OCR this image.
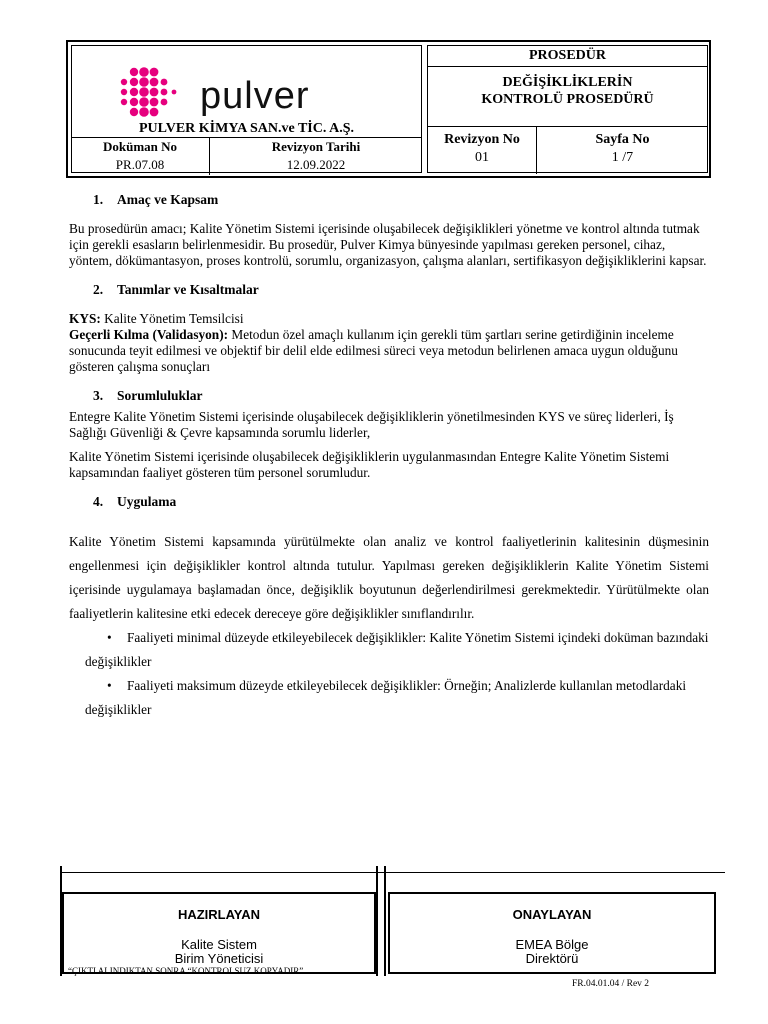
pulver
PULVER KİMYA SAN.ve TİC. A.Ş.
Doküman No
PR.07.08
Revizyon Tarihi
12.09.2022
PROSEDÜR
DEĞİŞİKLİKLERİN KONTROLÜ PROSEDÜRÜ
Revizyon No
01
Sayfa No
1 /7
1. Amaç ve Kapsam

Bu prosedürün amacı; Kalite Yönetim Sistemi içerisinde oluşabilecek değişiklikleri yönetme ve kontrol altında tutmak için gerekli esasların belirlenmesidir. Bu prosedür, Pulver Kimya bünyesinde yapılması gereken personel, cihaz, yöntem, dökümantasyon, proses kontrolü, sorumlu, organizasyon, çalışma alanları, sertifikasyon değişikliklerini kapsar.

2. Tanımlar ve Kısaltmalar

KYS: Kalite Yönetim Temsilcisi

Geçerli Kılma (Validasyon): Metodun özel amaçlı kullanım için gerekli tüm şartları serine getirdiğinin inceleme sonucunda teyit edilmesi ve objektif bir delil elde edilmesi süreci veya metodun belirlenen amaca uygun olduğunu gösteren çalışma sonuçları

3. Sorumluluklar

Entegre Kalite Yönetim Sistemi içerisinde oluşabilecek değişikliklerin yönetilmesinden KYS ve süreç liderleri, İş Sağlığı Güvenliği & Çevre kapsamında sorumlu liderler,

Kalite Yönetim Sistemi içerisinde oluşabilecek değişikliklerin uygulanmasından Entegre Kalite Yönetim Sistemi kapsamından faaliyet gösteren tüm personel sorumludur.

4. Uygulama

Kalite Yönetim Sistemi kapsamında yürütülmekte olan analiz ve kontrol faaliyetlerinin kalitesinin düşmesinin engellenmesi için değişiklikler kontrol altında tutulur. Yapılması gereken değişikliklerin Kalite Yönetim Sistemi içerisinde uygulamaya başlamadan önce, değişiklik boyutunun değerlendirilmesi gerekmektedir. Yürütülmekte olan faaliyetlerin kalitesine etki edecek dereceye göre değişiklikler sınıflandırılır.

• Faaliyeti minimal düzeyde etkileyebilecek değişiklikler: Kalite Yönetim Sistemi içindeki doküman bazındaki değişiklikler

• Faaliyeti maksimum düzeyde etkileyebilecek değişiklikler: Örneğin; Analizlerde kullanılan metodlardaki değişiklikler

HAZIRLAYAN
Kalite Sistem
Birim Yöneticisi
ONAYLAYAN
EMEA Bölge
Direktörü
“ÇIKTI ALINDIKTAN SONRA “KONTROLSUZ KOPYADIR”
FR.04.01.04 / Rev 2
